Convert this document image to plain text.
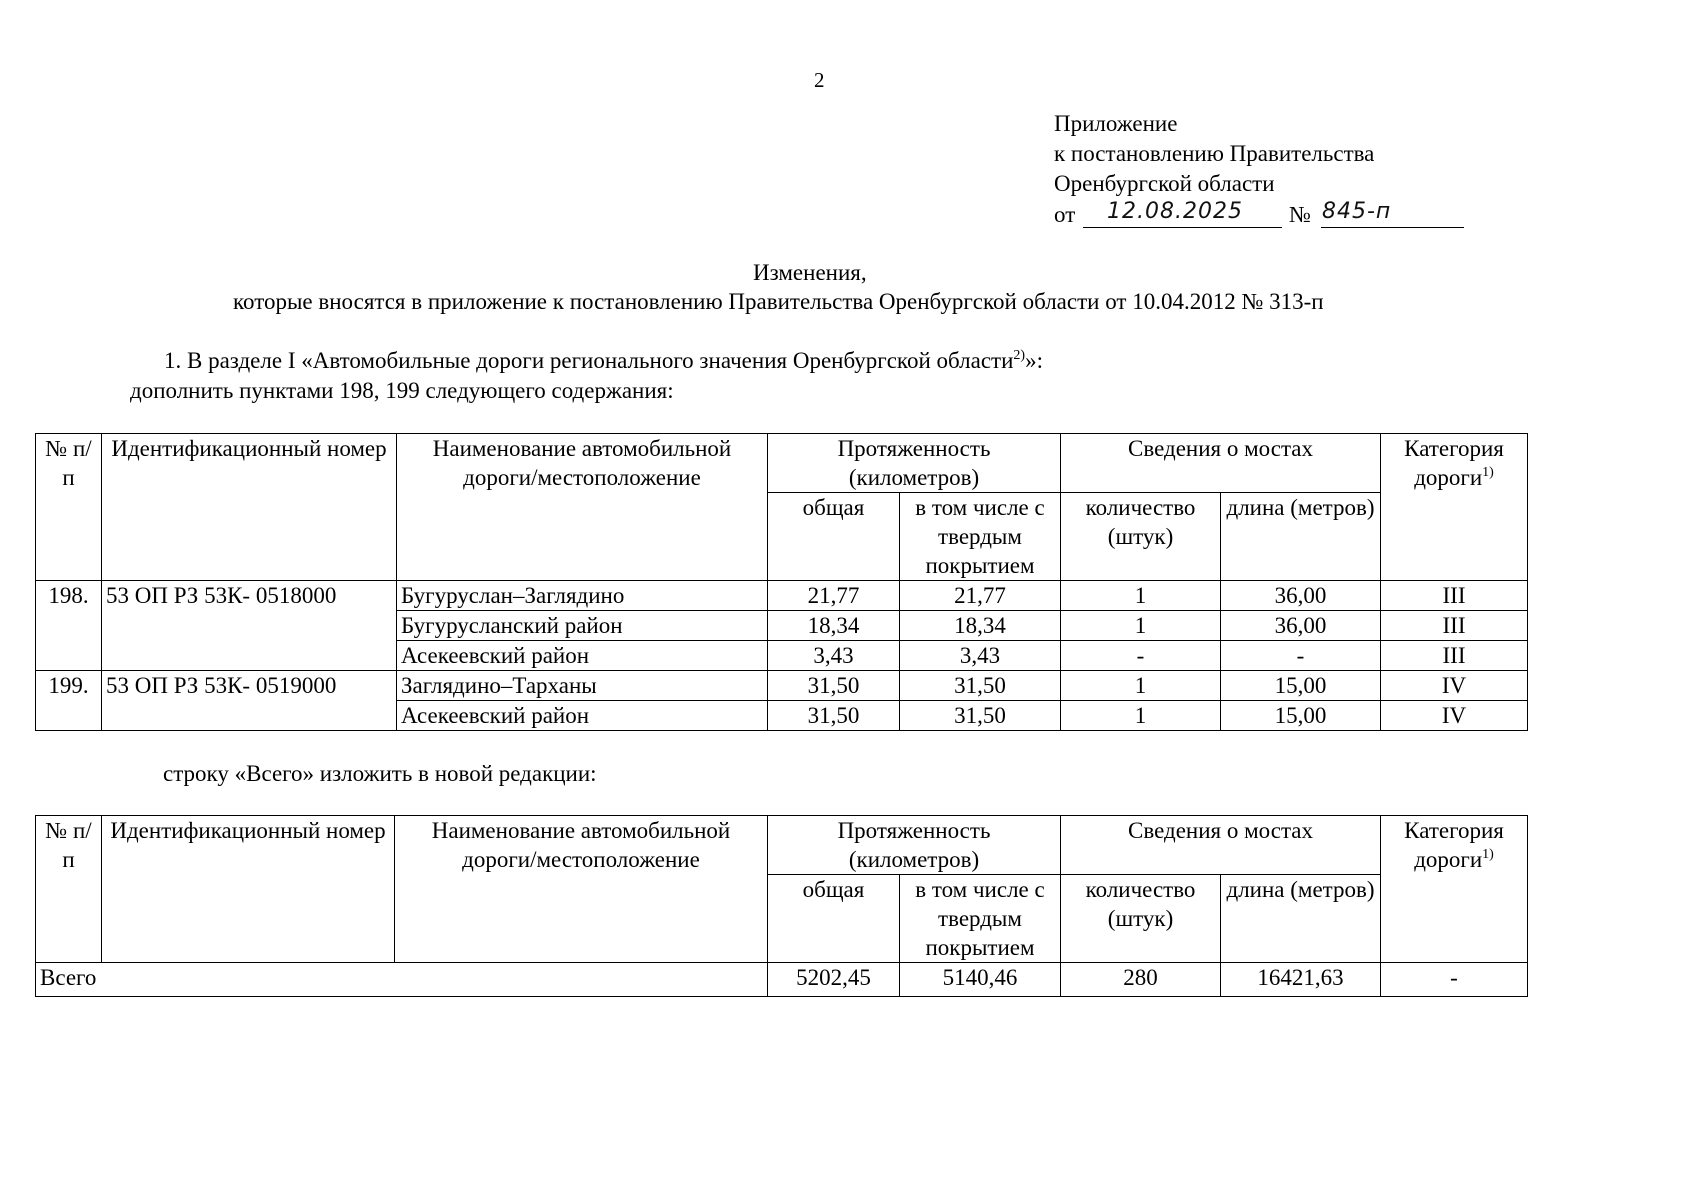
2
Приложение
к постановлению Правительства
Оренбургской области
от 12.08.2025 № 845-п
Изменения,
которые вносятся в приложение к постановлению Правительства Оренбургской области от 10.04.2012 № 313-п
1. В разделе I «Автомобильные дороги регионального значения Оренбургской области$^{2)}$»:
дополнить пунктами 198, 199 следующего содержания:
№ п/п	Идентификационный номер	Наименование автомобильной дороги/местоположение	Протяженность (километров)		Сведения о мостах		Категория дороги$^{1)}$
			общая	в том числе с твердым покрытием	количество (штук)	длина (метров)	
198.	53 ОП РЗ 53К- 0518000	Бугуруслан–Заглядино	21,77	21,77	1	36,00	III
		Бугурусланский район	18,34	18,34	1	36,00	III
		Асекеевский район	3,43	3,43	-	-	III
199.	53 ОП РЗ 53К- 0519000	Заглядино–Тарханы	31,50	31,50	1	15,00	IV
		Асекеевский район	31,50	31,50	1	15,00	IV
строку «Всего» изложить в новой редакции:
№ п/п	Идентификационный номер	Наименование автомобильной дороги/местоположение	Протяженность (километров)		Сведения о мостах		Категория дороги$^{1)}$
			общая	в том числе с твердым покрытием	количество (штук)	длина (метров)	
Всего			5202,45	5140,46	280	16421,63	-
